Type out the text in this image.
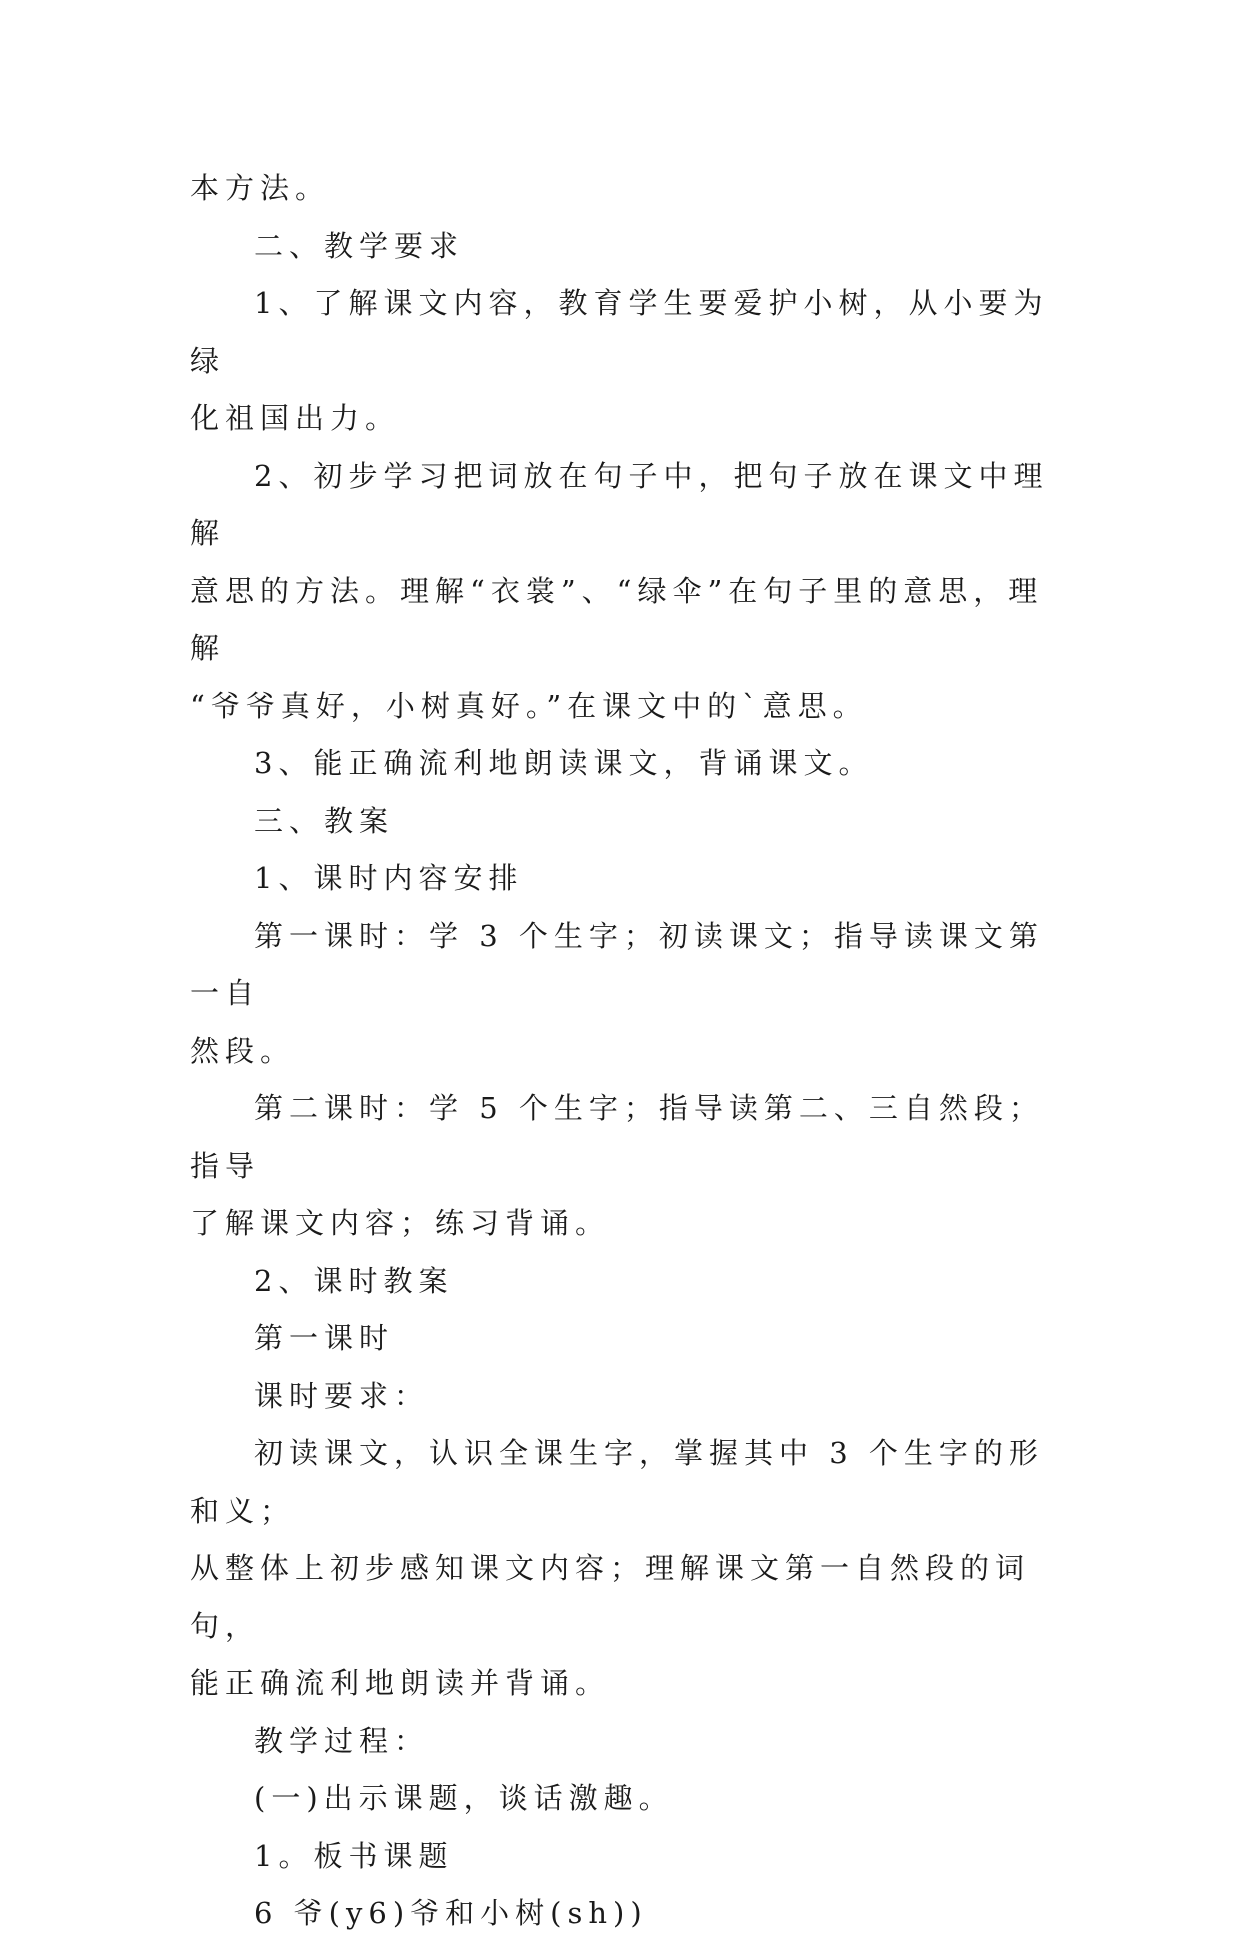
本方法。

二、教学要求

1、了解课文内容，教育学生要爱护小树，从小要为绿

化祖国出力。

2、初步学习把词放在句子中，把句子放在课文中理解

意思的方法。理解“衣裳”、“绿伞”在句子里的意思，理解

“爷爷真好，小树真好。”在课文中的`意思。

3、能正确流利地朗读课文，背诵课文。

三、教案

1、课时内容安排

第一课时：学 3 个生字；初读课文；指导读课文第一自

然段。

第二课时：学 5 个生字；指导读第二、三自然段；指导

了解课文内容；练习背诵。

2、课时教案

第一课时

课时要求：

初读课文，认识全课生字，掌握其中 3 个生字的形和义；

从整体上初步感知课文内容；理解课文第一自然段的词句，

能正确流利地朗读并背诵。

教学过程：

(一)出示课题，谈话激趣。

1。板书课题

6 爷(y6)爷和小树(sh))
